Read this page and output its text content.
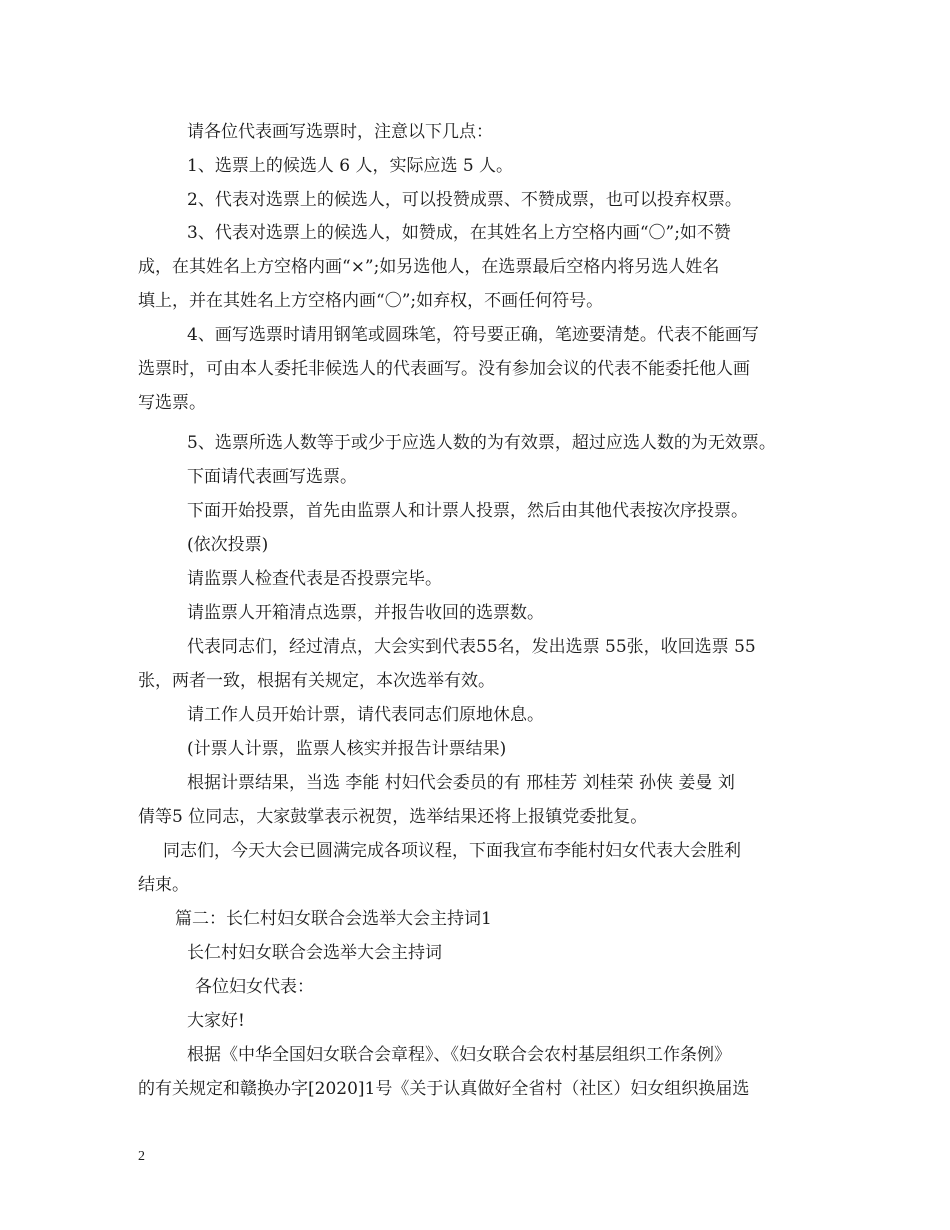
请各位代表画写选票时，注意以下几点：
1、选票上的候选人 6 人，实际应选 5 人。
2、代表对选票上的候选人，可以投赞成票、不赞成票，也可以投弃权票。
3、代表对选票上的候选人，如赞成，在其姓名上方空格内画“〇”;如不赞
成，在其姓名上方空格内画“×”;如另选他人，在选票最后空格内将另选人姓名
填上，并在其姓名上方空格内画“〇”;如弃权，不画任何符号。
4、画写选票时请用钢笔或圆珠笔，符号要正确，笔迹要清楚。代表不能画写
选票时，可由本人委托非候选人的代表画写。没有参加会议的代表不能委托他人画
写选票。
5、选票所选人数等于或少于应选人数的为有效票，超过应选人数的为无效票。
下面请代表画写选票。
下面开始投票，首先由监票人和计票人投票，然后由其他代表按次序投票。
(依次投票)
请监票人检查代表是否投票完毕。
请监票人开箱清点选票，并报告收回的选票数。
代表同志们，经过清点，大会实到代表55名，发出选票 55张，收回选票 55
张，两者一致，根据有关规定，本次选举有效。
请工作人员开始计票，请代表同志们原地休息。
(计票人计票，监票人核实并报告计票结果)
根据计票结果，当选 李能 村妇代会委员的有 邢桂芳 刘桂荣 孙侠 姜曼 刘
倩等5 位同志，大家鼓掌表示祝贺，选举结果还将上报镇党委批复。
同志们，今天大会已圆满完成各项议程，下面我宣布李能村妇女代表大会胜利
结束。
篇二：长仁村妇女联合会选举大会主持词1
长仁村妇女联合会选举大会主持词
各位妇女代表：
大家好!
根据《中华全国妇女联合会章程》、《妇女联合会农村基层组织工作条例》
的有关规定和赣换办字[2020]1号《关于认真做好全省村（社区）妇女组织换届选
2
